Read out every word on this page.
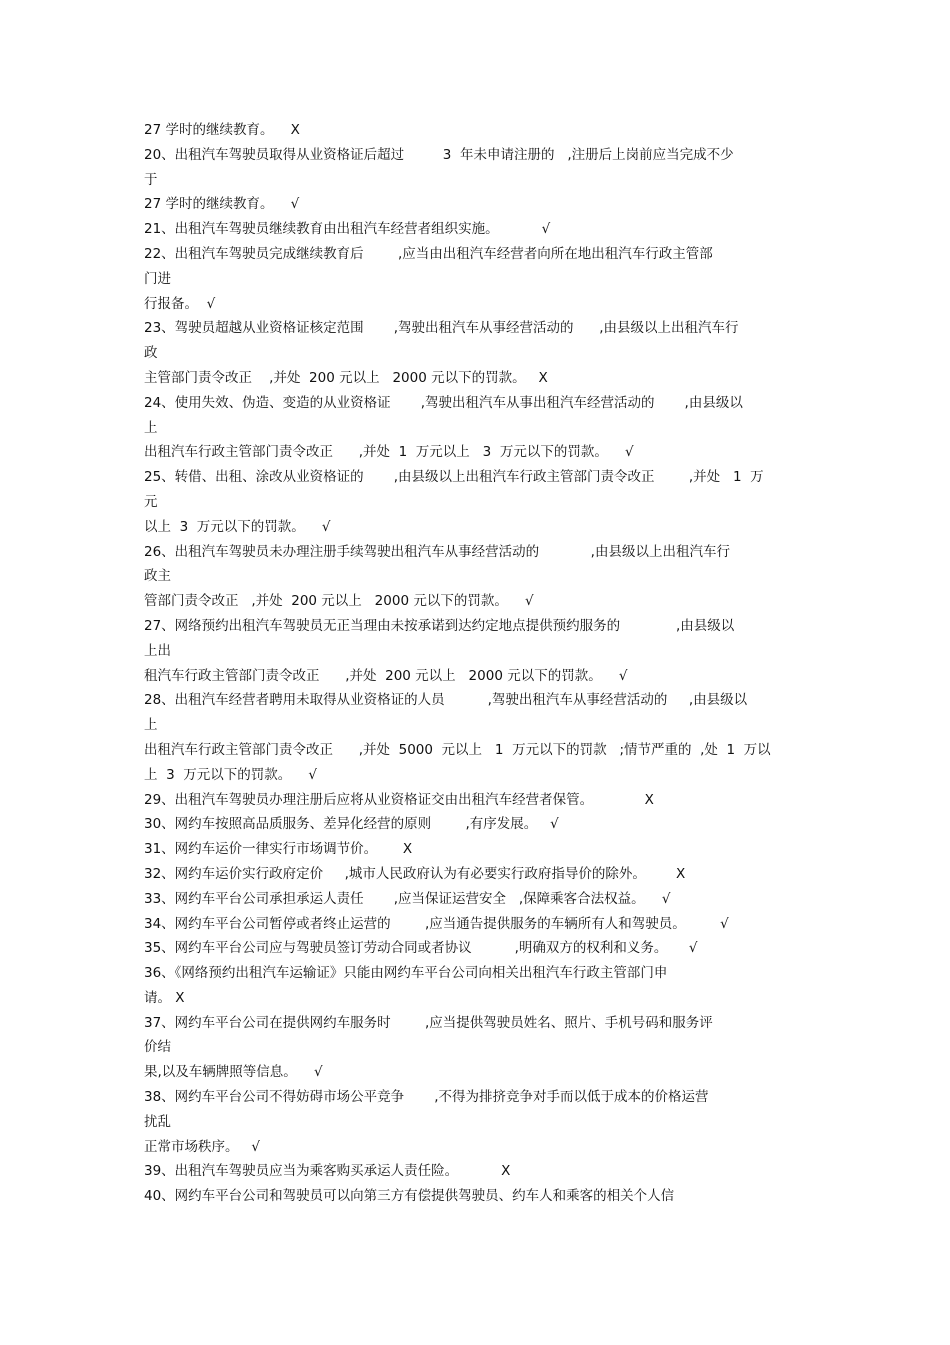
27 学时的继续教育。    X
20、出租汽车驾驶员取得从业资格证后超过         3  年未申请注册的   ,注册后上岗前应当完成不少
于
27 学时的继续教育。    √
21、出租汽车驾驶员继续教育由出租汽车经营者组织实施。          √
22、出租汽车驾驶员完成继续教育后        ,应当由出租汽车经营者向所在地出租汽车行政主管部
门进
行报备。  √
23、驾驶员超越从业资格证核定范围       ,驾驶出租汽车从事经营活动的      ,由县级以上出租汽车行
政
主管部门责令改正    ,并处  200 元以上   2000 元以下的罚款。   X
24、使用失效、伪造、变造的从业资格证       ,驾驶出租汽车从事出租汽车经营活动的       ,由县级以
上
出租汽车行政主管部门责令改正      ,并处  1  万元以上   3  万元以下的罚款。    √
25、转借、出租、涂改从业资格证的       ,由县级以上出租汽车行政主管部门责令改正        ,并处   1  万
元
以上  3  万元以下的罚款。    √
26、出租汽车驾驶员未办理注册手续驾驶出租汽车从事经营活动的            ,由县级以上出租汽车行
政主
管部门责令改正   ,并处  200 元以上   2000 元以下的罚款。    √
27、网络预约出租汽车驾驶员无正当理由未按承诺到达约定地点提供预约服务的             ,由县级以
上出
租汽车行政主管部门责令改正      ,并处  200 元以上   2000 元以下的罚款。    √
28、出租汽车经营者聘用未取得从业资格证的人员          ,驾驶出租汽车从事经营活动的     ,由县级以
上
出租汽车行政主管部门责令改正      ,并处  5000  元以上   1  万元以下的罚款   ;情节严重的  ,处  1  万以
上  3  万元以下的罚款。    √
29、出租汽车驾驶员办理注册后应将从业资格证交由出租汽车经营者保管。            X
30、网约车按照高品质服务、差异化经营的原则        ,有序发展。   √
31、网约车运价一律实行市场调节价。      X
32、网约车运价实行政府定价     ,城市人民政府认为有必要实行政府指导价的除外。       X
33、网约车平台公司承担承运人责任       ,应当保证运营安全   ,保障乘客合法权益。    √
34、网约车平台公司暂停或者终止运营的        ,应当通告提供服务的车辆所有人和驾驶员。        √
35、网约车平台公司应与驾驶员签订劳动合同或者协议          ,明确双方的权利和义务。     √
36、《网络预约出租汽车运输证》只能由网约车平台公司向相关出租汽车行政主管部门申
请。 X
37、网约车平台公司在提供网约车服务时        ,应当提供驾驶员姓名、照片、手机号码和服务评
价结
果,以及车辆牌照等信息。    √
38、网约车平台公司不得妨碍市场公平竞争       ,不得为排挤竞争对手而以低于成本的价格运营
扰乱
正常市场秩序。   √
39、出租汽车驾驶员应当为乘客购买承运人责任险。          X
40、网约车平台公司和驾驶员可以向第三方有偿提供驾驶员、约车人和乘客的相关个人信
